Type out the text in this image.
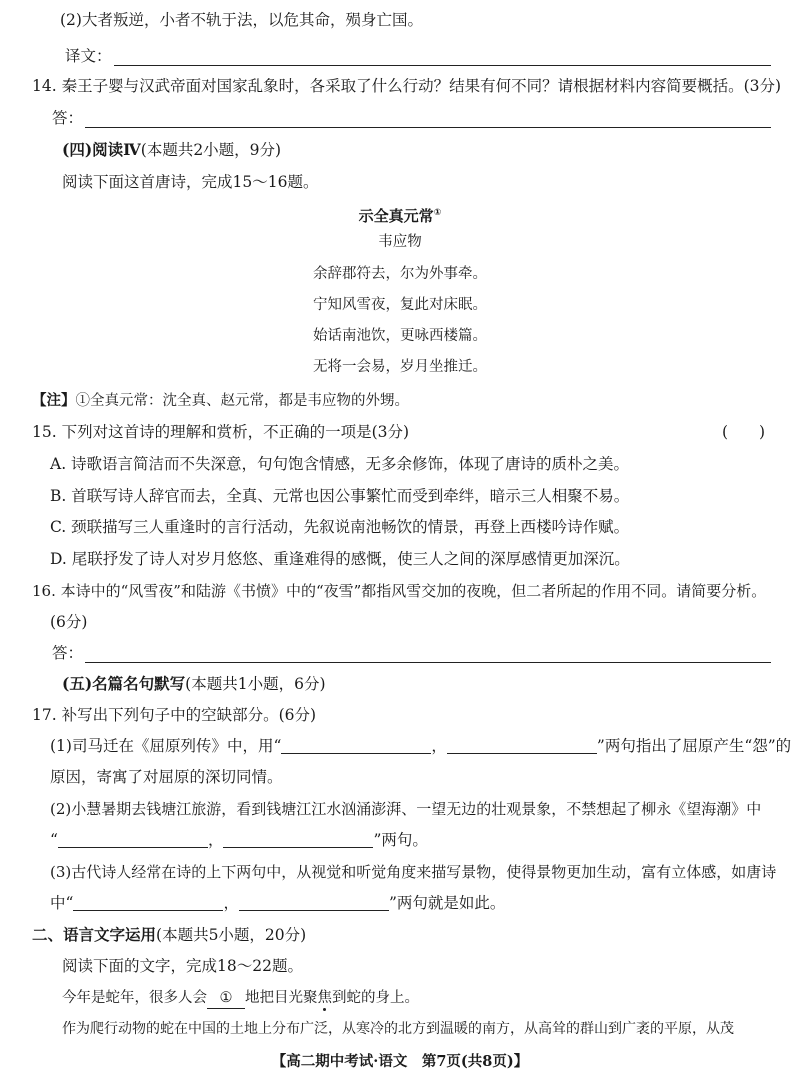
(2)大者叛逆，小者不轨于法，以危其命，殒身亡国。
译文：
14. 秦王子婴与汉武帝面对国家乱象时，各采取了什么行动？结果有何不同？请根据材料内容简要概括。(3分)
答：
(四)阅读Ⅳ(本题共2小题，9分)
阅读下面这首唐诗，完成15～16题。
示全真元常①
韦应物
余辞郡符去，尔为外事牵。
宁知风雪夜，复此对床眠。
始话南池饮，更咏西楼篇。
无将一会易，岁月坐推迁。
【注】①全真元常：沈全真、赵元常，都是韦应物的外甥。
15. 下列对这首诗的理解和赏析，不正确的一项是(3分)	(　　)
A. 诗歌语言简洁而不失深意，句句饱含情感，无多余修饰，体现了唐诗的质朴之美。
B. 首联写诗人辞官而去，全真、元常也因公事繁忙而受到牵绊，暗示三人相聚不易。
C. 颈联描写三人重逢时的言行活动，先叙说南池畅饮的情景，再登上西楼吟诗作赋。
D. 尾联抒发了诗人对岁月悠悠、重逢难得的感慨，使三人之间的深厚感情更加深沉。
16. 本诗中的“风雪夜”和陆游《书愤》中的“夜雪”都指风雪交加的夜晚，但二者所起的作用不同。请简要分析。
(6分)
答：
(五)名篇名句默写(本题共1小题，6分)
17. 补写出下列句子中的空缺部分。(6分)
(1)司马迁在《屈原列传》中，用“	，	”两句指出了屈原产生“怨”的
原因，寄寓了对屈原的深切同情。
(2)小慧暑期去钱塘江旅游，看到钱塘江江水汹涌澎湃、一望无边的壮观景象，不禁想起了柳永《望海潮》中
“	，	”两句。
(3)古代诗人经常在诗的上下两句中，从视觉和听觉角度来描写景物，使得景物更加生动，富有立体感，如唐诗
中“	，	”两句就是如此。
二、语言文字运用(本题共5小题，20分)
阅读下面的文字，完成18～22题。
今年是蛇年，很多人会 ① 地把目光聚焦到蛇的身上。
作为爬行动物的蛇在中国的土地上分布广泛，从寒冷的北方到温暖的南方，从高耸的群山到广袤的平原，从茂
【高二期中考试·语文　第7页(共8页)】
